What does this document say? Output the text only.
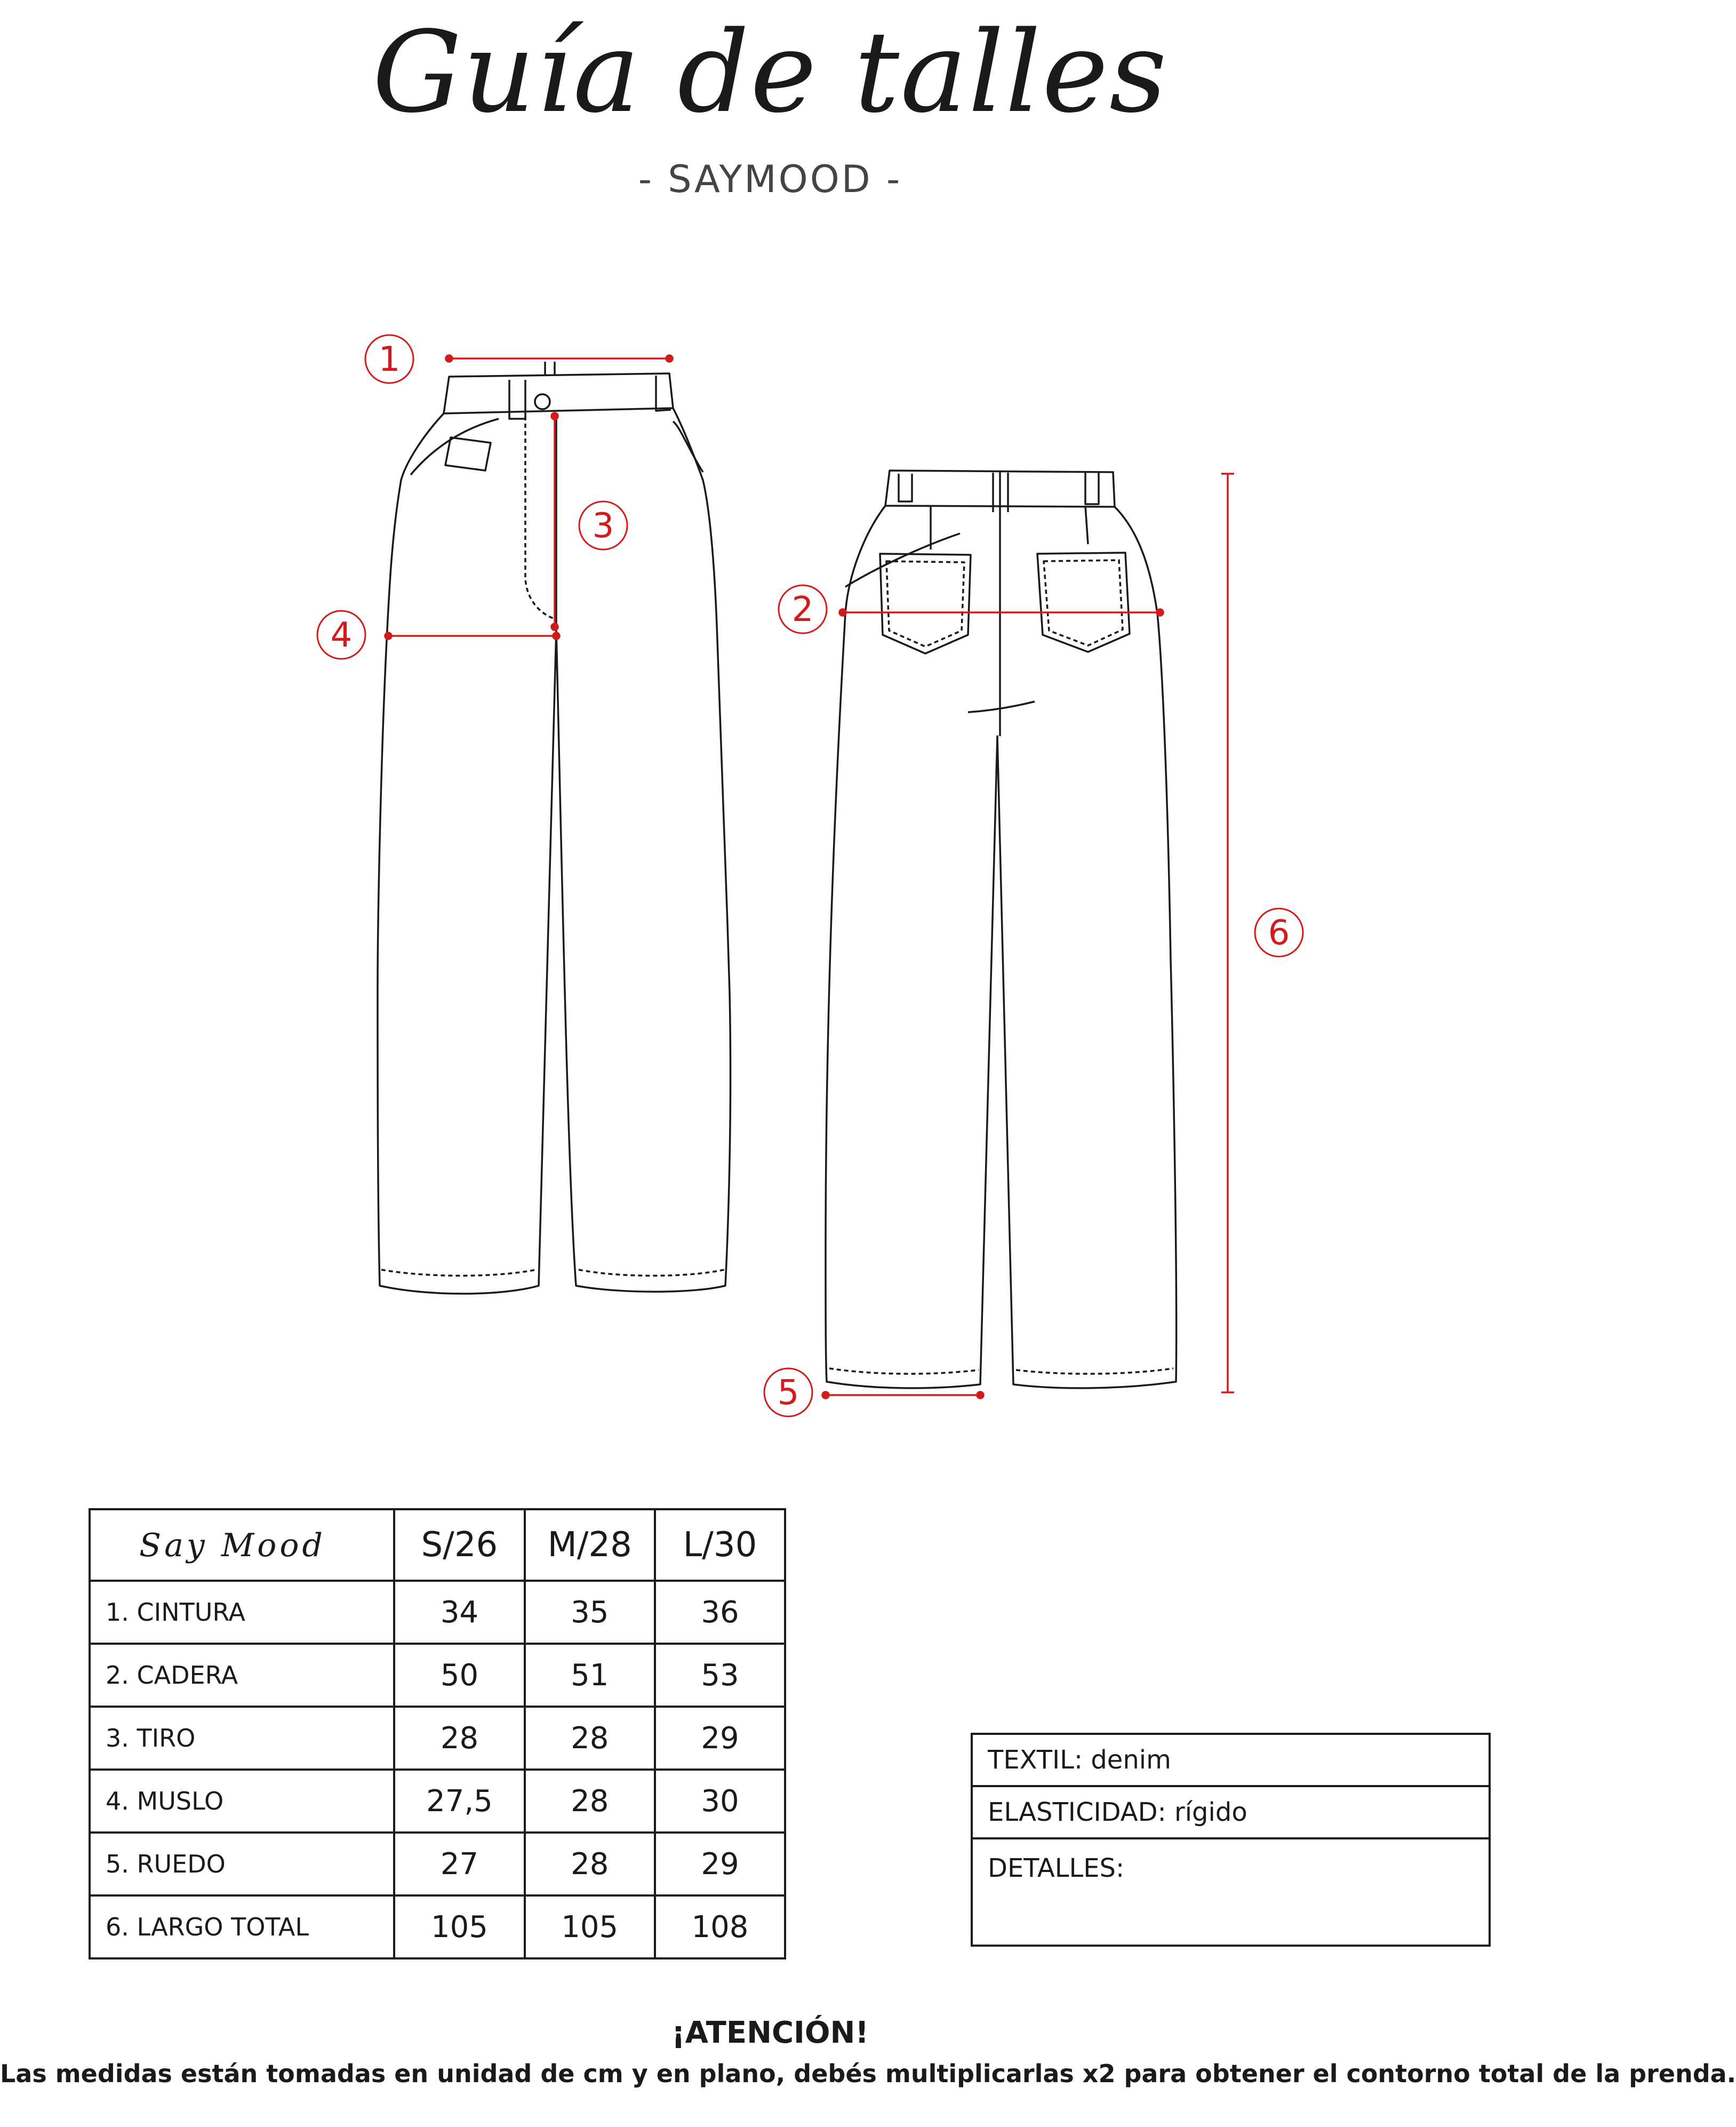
Guía de talles
- SAYMOOD -
1
2
3
4
5
6
Say Mood	S/26	M/28	L/30
1. CINTURA	34	35	36
2. CADERA	50	51	53
3. TIRO	28	28	29
4. MUSLO	27,5	28	30
5. RUEDO	27	28	29
6. LARGO TOTAL	105	105	108
TEXTIL: denim
ELASTICIDAD: rígido
DETALLES:
¡ATENCIÓN!
Las medidas están tomadas en unidad de cm y en plano, debés multiplicarlas x2 para obtener el contorno total de la prenda.
